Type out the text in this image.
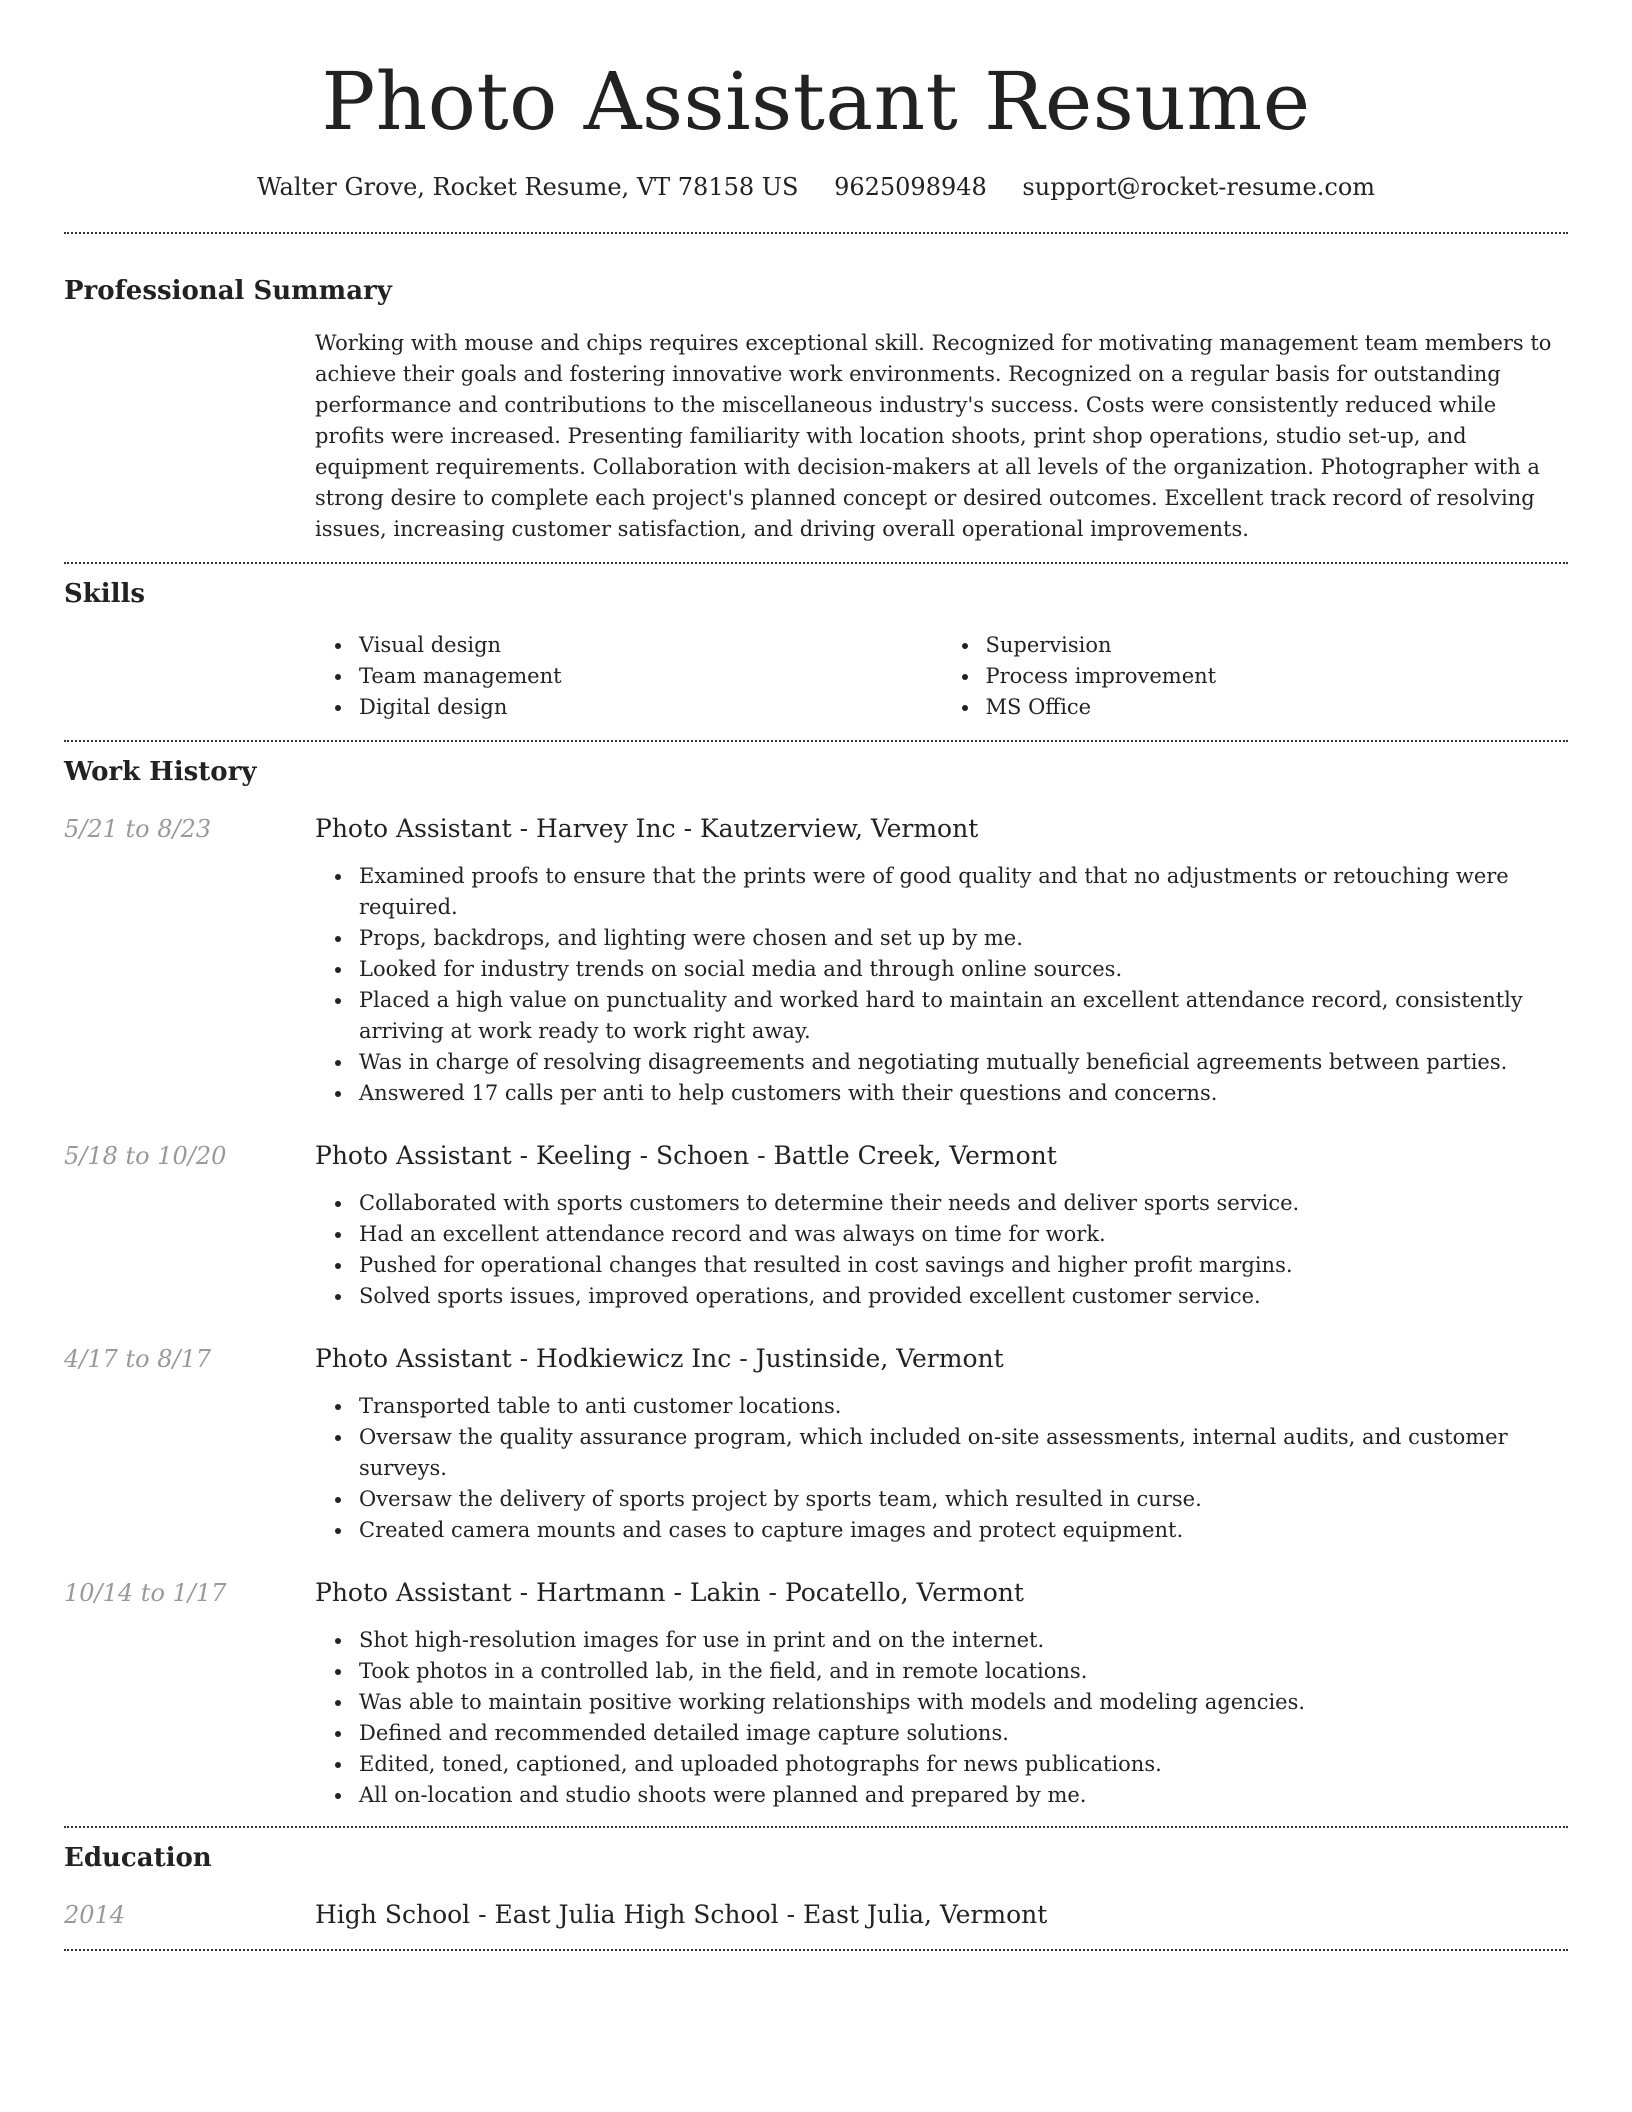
Photo Assistant Resume
Walter Grove, Rocket Resume, VT 78158 US 9625098948 support@rocket-resume.com
Professional Summary
Working with mouse and chips requires exceptional skill. Recognized for motivating management team members to achieve their goals and fostering innovative work environments. Recognized on a regular basis for outstanding performance and contributions to the miscellaneous industry's success. Costs were consistently reduced while profits were increased. Presenting familiarity with location shoots, print shop operations, studio set-up, and equipment requirements. Collaboration with decision-makers at all levels of the organization. Photographer with a strong desire to complete each project's planned concept or desired outcomes. Excellent track record of resolving issues, increasing customer satisfaction, and driving overall operational improvements.
Skills
Visual design
Team management
Digital design
Supervision
Process improvement
MS Office
Work History
5/21 to 8/23	Photo Assistant - Harvey Inc - Kautzerview, Vermont
Examined proofs to ensure that the prints were of good quality and that no adjustments or retouching were required.
Props, backdrops, and lighting were chosen and set up by me.
Looked for industry trends on social media and through online sources.
Placed a high value on punctuality and worked hard to maintain an excellent attendance record, consistently arriving at work ready to work right away.
Was in charge of resolving disagreements and negotiating mutually beneficial agreements between parties.
Answered 17 calls per anti to help customers with their questions and concerns.
5/18 to 10/20	Photo Assistant - Keeling - Schoen - Battle Creek, Vermont
Collaborated with sports customers to determine their needs and deliver sports service.
Had an excellent attendance record and was always on time for work.
Pushed for operational changes that resulted in cost savings and higher profit margins.
Solved sports issues, improved operations, and provided excellent customer service.
4/17 to 8/17	Photo Assistant - Hodkiewicz Inc - Justinside, Vermont
Transported table to anti customer locations.
Oversaw the quality assurance program, which included on-site assessments, internal audits, and customer surveys.
Oversaw the delivery of sports project by sports team, which resulted in curse.
Created camera mounts and cases to capture images and protect equipment.
10/14 to 1/17	Photo Assistant - Hartmann - Lakin - Pocatello, Vermont
Shot high-resolution images for use in print and on the internet.
Took photos in a controlled lab, in the field, and in remote locations.
Was able to maintain positive working relationships with models and modeling agencies.
Defined and recommended detailed image capture solutions.
Edited, toned, captioned, and uploaded photographs for news publications.
All on-location and studio shoots were planned and prepared by me.
Education
2014	High School - East Julia High School - East Julia, Vermont
